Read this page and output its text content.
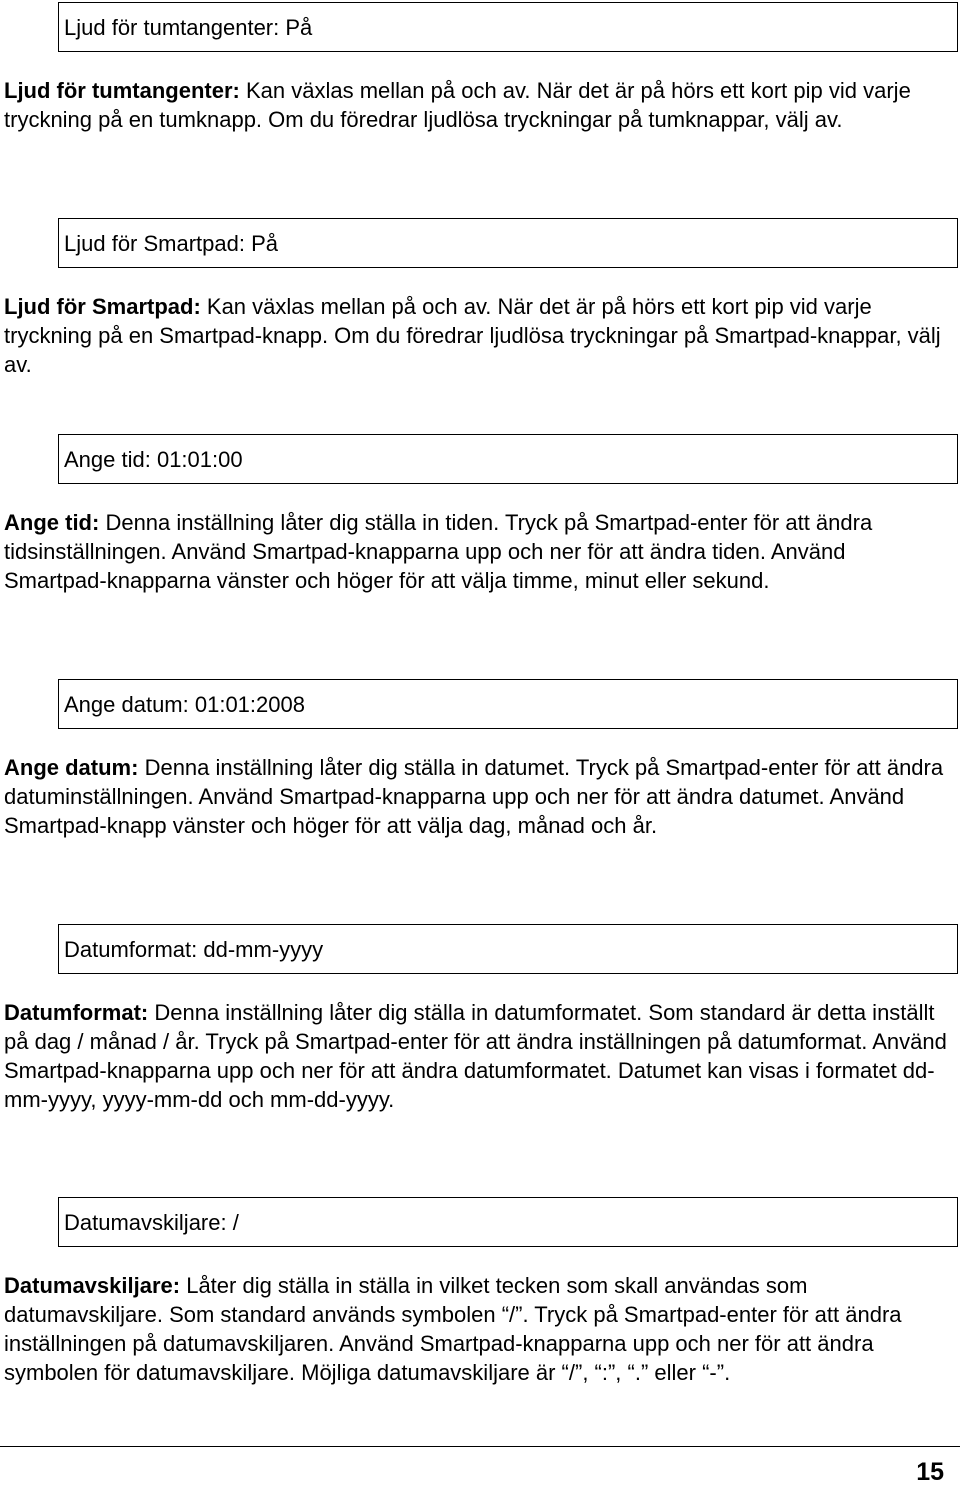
Ljud för tumtangenter: På
Ljud för tumtangenter: Kan växlas mellan på och av. När det är på hörs ett kort pip vid varje tryckning på en tumknapp. Om du föredrar ljudlösa tryckningar på tumknappar, välj av.
Ljud för Smartpad: På
Ljud för Smartpad: Kan växlas mellan på och av. När det är på hörs ett kort pip vid varje tryckning på en Smartpad-knapp. Om du föredrar ljudlösa tryckningar på Smartpad-knappar, välj av.
Ange tid: 01:01:00
Ange tid: Denna inställning låter dig ställa in tiden. Tryck på Smartpad-enter för att ändra tidsinställningen. Använd Smartpad-knapparna upp och ner för att ändra tiden. Använd Smartpad-knapparna vänster och höger för att välja timme, minut eller sekund.
Ange datum: 01:01:2008
Ange datum: Denna inställning låter dig ställa in datumet. Tryck på Smartpad-enter för att ändra datuminställningen. Använd Smartpad-knapparna upp och ner för att ändra datumet. Använd Smartpad-knapp vänster och höger för att välja dag, månad och år.
Datumformat: dd-mm-yyyy
Datumformat: Denna inställning låter dig ställa in datumformatet. Som standard är detta inställt på dag / månad / år. Tryck på Smartpad-enter för att ändra inställningen på datumformat. Använd Smartpad-knapparna upp och ner för att ändra datumformatet. Datumet kan visas i formatet dd-mm-yyyy, yyyy-mm-dd och mm-dd-yyyy.
Datumavskiljare: /
Datumavskiljare: Låter dig ställa in ställa in vilket tecken som skall användas som datumavskiljare. Som standard används symbolen “/”. Tryck på Smartpad-enter för att ändra inställningen på datumavskiljaren. Använd Smartpad-knapparna upp och ner för att ändra symbolen för datumavskiljare. Möjliga datumavskiljare är “/”, “:”, “.” eller “-”.
15
